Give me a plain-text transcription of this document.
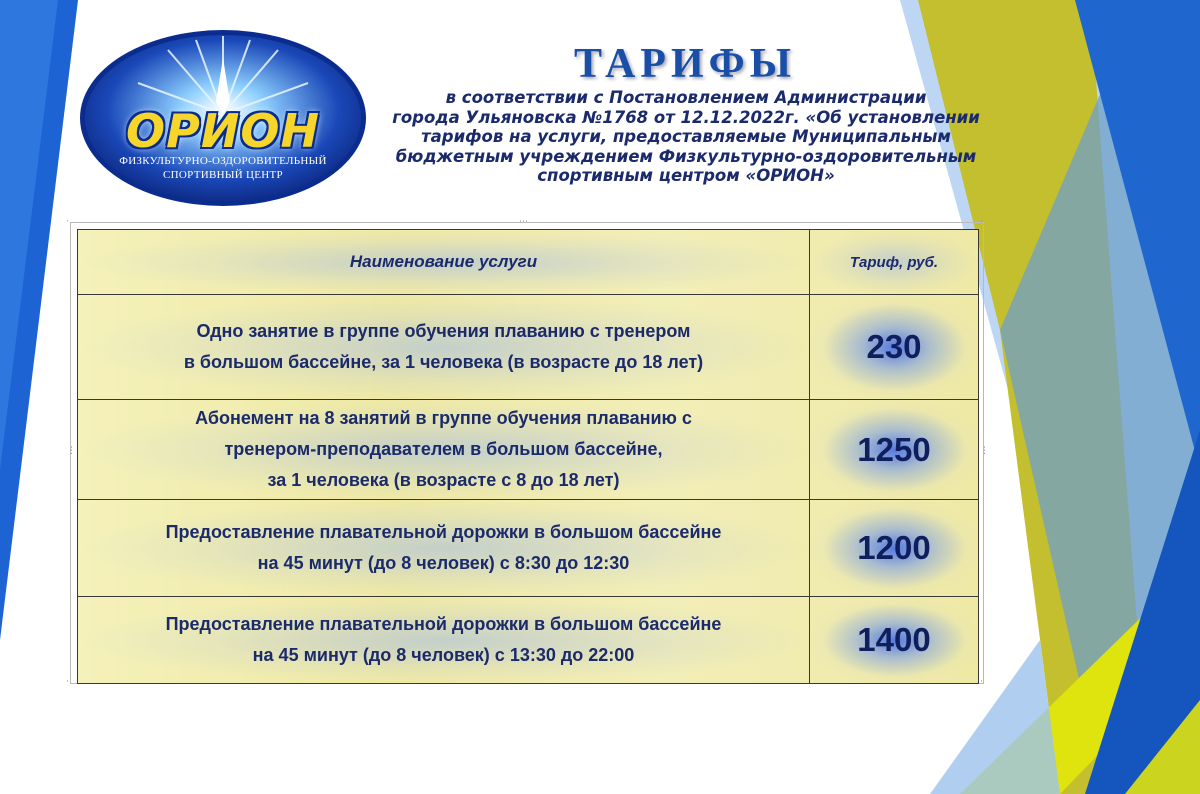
ОРИОН
ФИЗКУЛЬТУРНО-ОЗДОРОВИТЕЛЬНЫЙ
СПОРТИВНЫЙ ЦЕНТР
ТАРИФЫ
в соответствии с Постановлением Администрации
города Ульяновска №1768 от 12.12.2022г. «Об установлении
тарифов на услуги, предоставляемые Муниципальным
бюджетным учреждением Физкультурно-оздоровительным
спортивным центром «ОРИОН»
⋯
⋮	⋮
·	·
·	·
Наименование услуги	Тариф, руб.

Одно занятие в группе обучения плаванию с тренером
в большом бассейне, за 1 человека (в возрасте до 18 лет)	230

Абонемент на 8 занятий в группе обучения плаванию с
тренером-преподавателем в большом бассейне,
за 1 человека (в возрасте с 8 до 18 лет)	1250

Предоставление плавательной дорожки в большом бассейне
на 45 минут (до 8 человек) с 8:30 до 12:30	1200

Предоставление плавательной дорожки в большом бассейне
на 45 минут (до 8 человек) с 13:30 до 22:00	1400
